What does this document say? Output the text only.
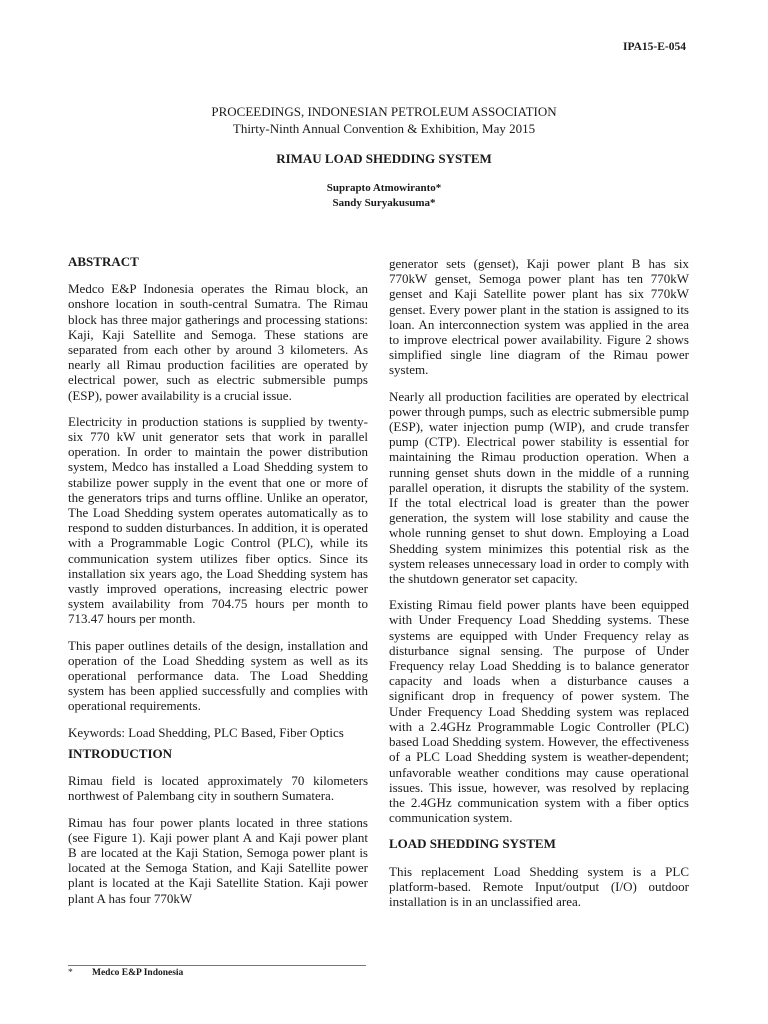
IPA15-E-054
PROCEEDINGS, INDONESIAN PETROLEUM ASSOCIATION
Thirty-Ninth Annual Convention & Exhibition, May 2015
RIMAU LOAD SHEDDING SYSTEM
Suprapto Atmowiranto*
Sandy Suryakusuma*
ABSTRACT

Medco E&P Indonesia operates the Rimau block, an onshore location in south-central Sumatra. The Rimau block has three major gatherings and processing stations: Kaji, Kaji Satellite and Semoga. These stations are separated from each other by around 3 kilometers. As nearly all Rimau production facilities are operated by electrical power, such as electric submersible pumps (ESP), power availability is a crucial issue.

Electricity in production stations is supplied by twenty-six 770 kW unit generator sets that work in parallel operation. In order to maintain the power distribution system, Medco has installed a Load Shedding system to stabilize power supply in the event that one or more of the generators trips and turns offline. Unlike an operator, The Load Shedding system operates automatically as to respond to sudden disturbances. In addition, it is operated with a Programmable Logic Control (PLC), while its communication system utilizes fiber optics. Since its installation six years ago, the Load Shedding system has vastly improved operations, increasing electric power system availability from 704.75 hours per month to 713.47 hours per month.

This paper outlines details of the design, installation and operation of the Load Shedding system as well as its operational performance data. The Load Shedding system has been applied successfully and complies with operational requirements.

Keywords: Load Shedding, PLC Based, Fiber Optics

INTRODUCTION

Rimau field is located approximately 70 kilometers northwest of Palembang city in southern Sumatera.

Rimau has four power plants located in three stations (see Figure 1). Kaji power plant A and Kaji power plant B are located at the Kaji Station, Semoga power plant is located at the Semoga Station, and Kaji Satellite power plant is located at the Kaji Satellite Station. Kaji power plant A has four 770kW

generator sets (genset), Kaji power plant B has six 770kW genset, Semoga power plant has ten 770kW genset and Kaji Satellite power plant has six 770kW genset. Every power plant in the station is assigned to its loan. An interconnection system was applied in the area to improve electrical power availability. Figure 2 shows simplified single line diagram of the Rimau power system.

Nearly all production facilities are operated by electrical power through pumps, such as electric submersible pump (ESP), water injection pump (WIP), and crude transfer pump (CTP). Electrical power stability is essential for maintaining the Rimau production operation. When a running genset shuts down in the middle of a running parallel operation, it disrupts the stability of the system. If the total electrical load is greater than the power generation, the system will lose stability and cause the whole running genset to shut down. Employing a Load Shedding system minimizes this potential risk as the system releases unnecessary load in order to comply with the shutdown generator set capacity.

Existing Rimau field power plants have been equipped with Under Frequency Load Shedding systems. These systems are equipped with Under Frequency relay as disturbance signal sensing. The purpose of Under Frequency relay Load Shedding is to balance generator capacity and loads when a disturbance causes a significant drop in frequency of power system. The Under Frequency Load Shedding system was replaced with a 2.4GHz Programmable Logic Controller (PLC) based Load Shedding system. However, the effectiveness of a PLC Load Shedding system is weather-dependent; unfavorable weather conditions may cause operational issues. This issue, however, was resolved by replacing the 2.4GHz communication system with a fiber optics communication system.

LOAD SHEDDING SYSTEM

This replacement Load Shedding system is a PLC platform-based. Remote Input/output (I/O) outdoor installation is in an unclassified area.

* Medco E&P Indonesia
